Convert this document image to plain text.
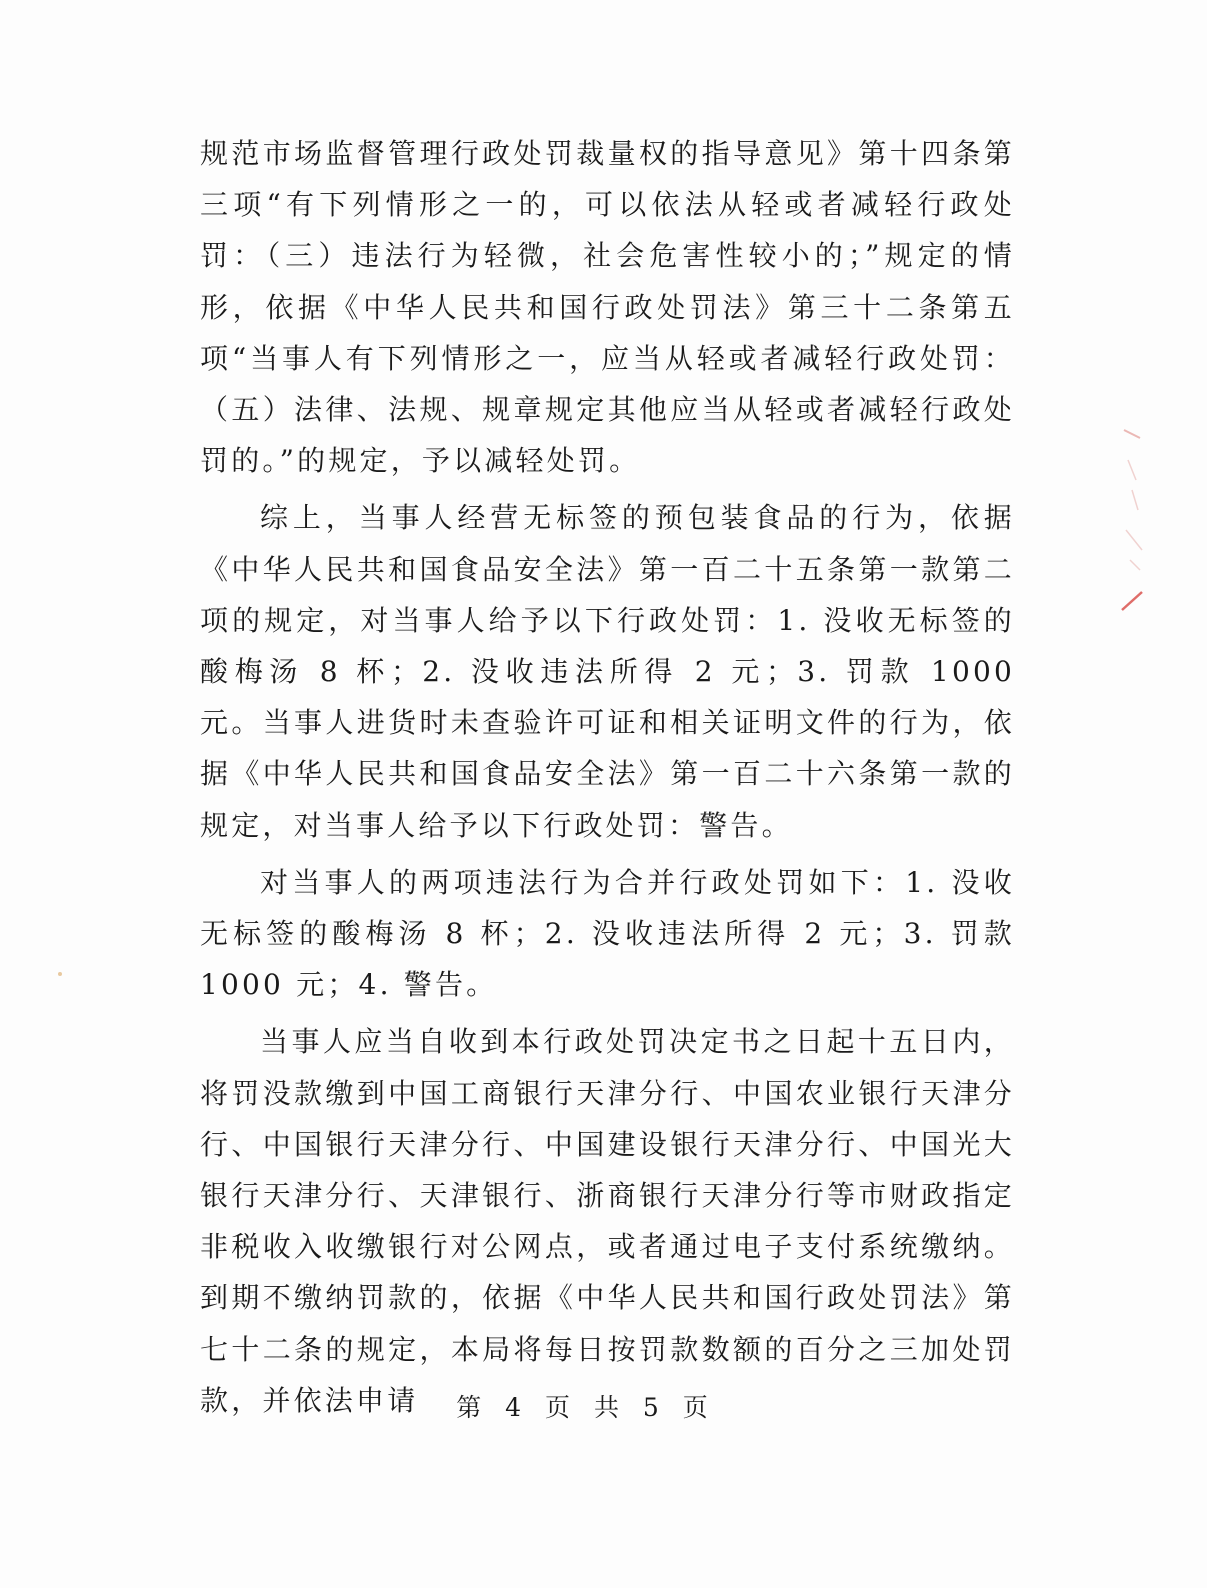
规范市场监督管理行政处罚裁量权的指导意见》第十四条第三项“有下列情形之一的，可以依法从轻或者减轻行政处罚：（三）违法行为轻微，社会危害性较小的；”规定的情形，依据《中华人民共和国行政处罚法》第三十二条第五项“当事人有下列情形之一，应当从轻或者减轻行政处罚：（五）法律、法规、规章规定其他应当从轻或者减轻行政处罚的。”的规定，予以减轻处罚。

综上，当事人经营无标签的预包装食品的行为，依据《中华人民共和国食品安全法》第一百二十五条第一款第二项的规定，对当事人给予以下行政处罚：1. 没收无标签的酸梅汤 8 杯；2. 没收违法所得 2 元；3. 罚款 1000 元。当事人进货时未查验许可证和相关证明文件的行为，依据《中华人民共和国食品安全法》第一百二十六条第一款的规定，对当事人给予以下行政处罚：警告。

对当事人的两项违法行为合并行政处罚如下：1. 没收无标签的酸梅汤 8 杯；2. 没收违法所得 2 元；3. 罚款 1000 元；4. 警告。

当事人应当自收到本行政处罚决定书之日起十五日内，将罚没款缴到中国工商银行天津分行、中国农业银行天津分行、中国银行天津分行、中国建设银行天津分行、中国光大银行天津分行、天津银行、浙商银行天津分行等市财政指定非税收入收缴银行对公网点，或者通过电子支付系统缴纳。到期不缴纳罚款的，依据《中华人民共和国行政处罚法》第七十二条的规定，本局将每日按罚款数额的百分之三加处罚款，并依法申请	第 4 页 共 5 页
